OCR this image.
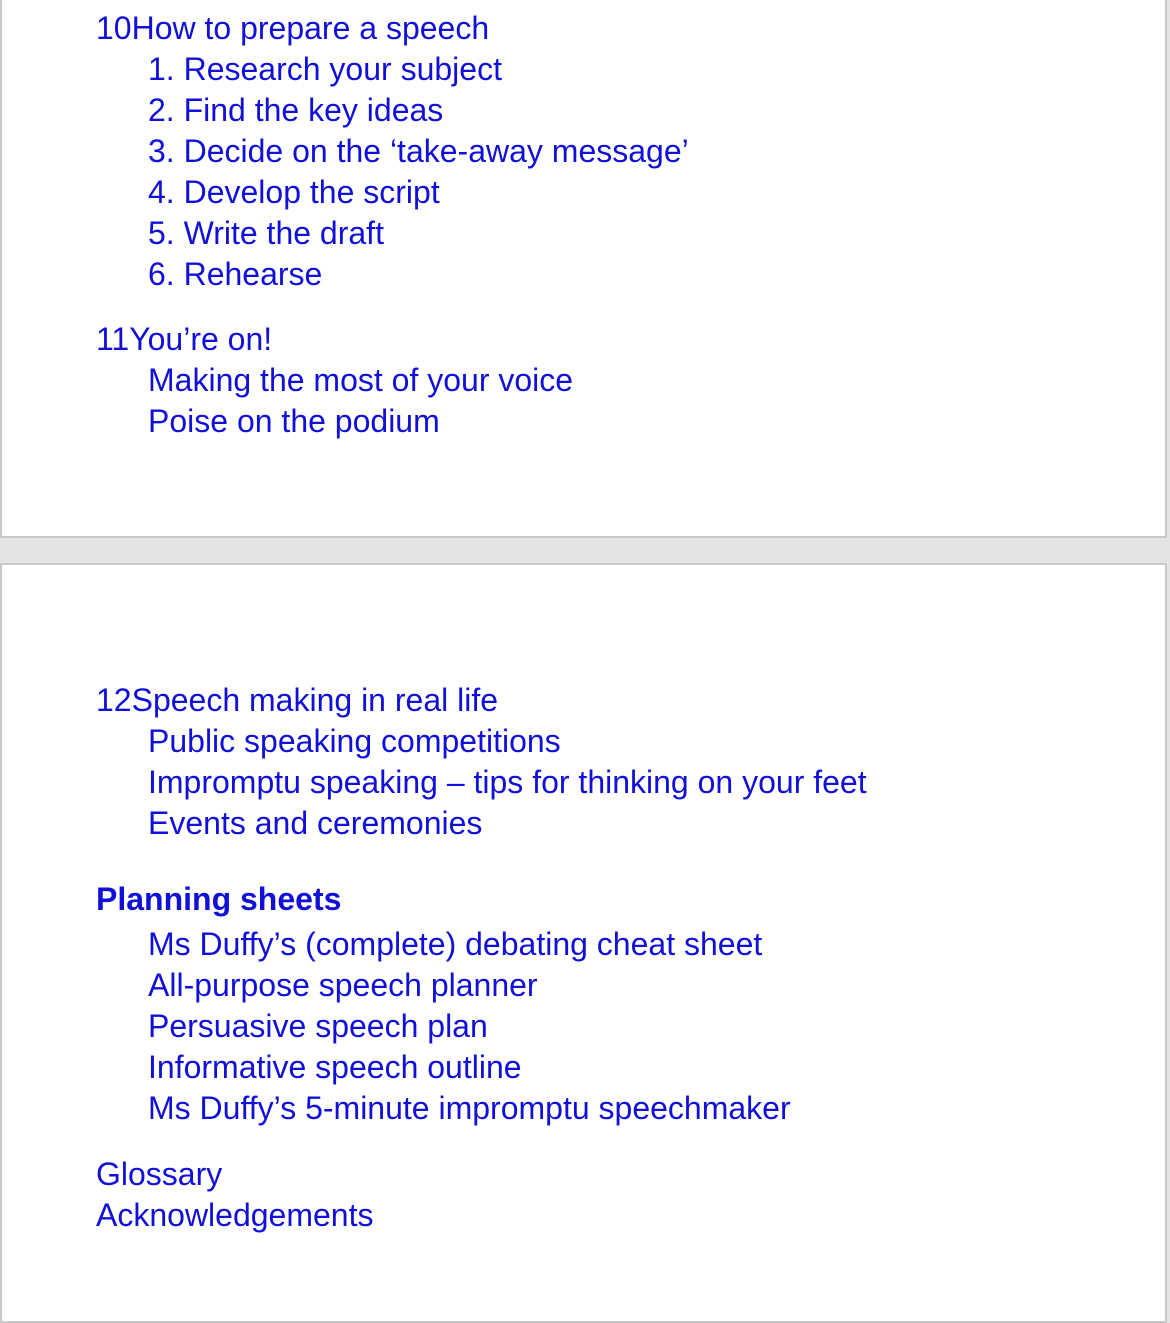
10How to prepare a speech
1. Research your subject
2. Find the key ideas
3. Decide on the ‘take-away message’
4. Develop the script
5. Write the draft
6. Rehearse
11You’re on!
Making the most of your voice
Poise on the podium
12Speech making in real life
Public speaking competitions
Impromptu speaking – tips for thinking on your feet
Events and ceremonies
Planning sheets
Ms Duffy’s (complete) debating cheat sheet
All-purpose speech planner
Persuasive speech plan
Informative speech outline
Ms Duffy’s 5-minute impromptu speechmaker
Glossary
Acknowledgements
